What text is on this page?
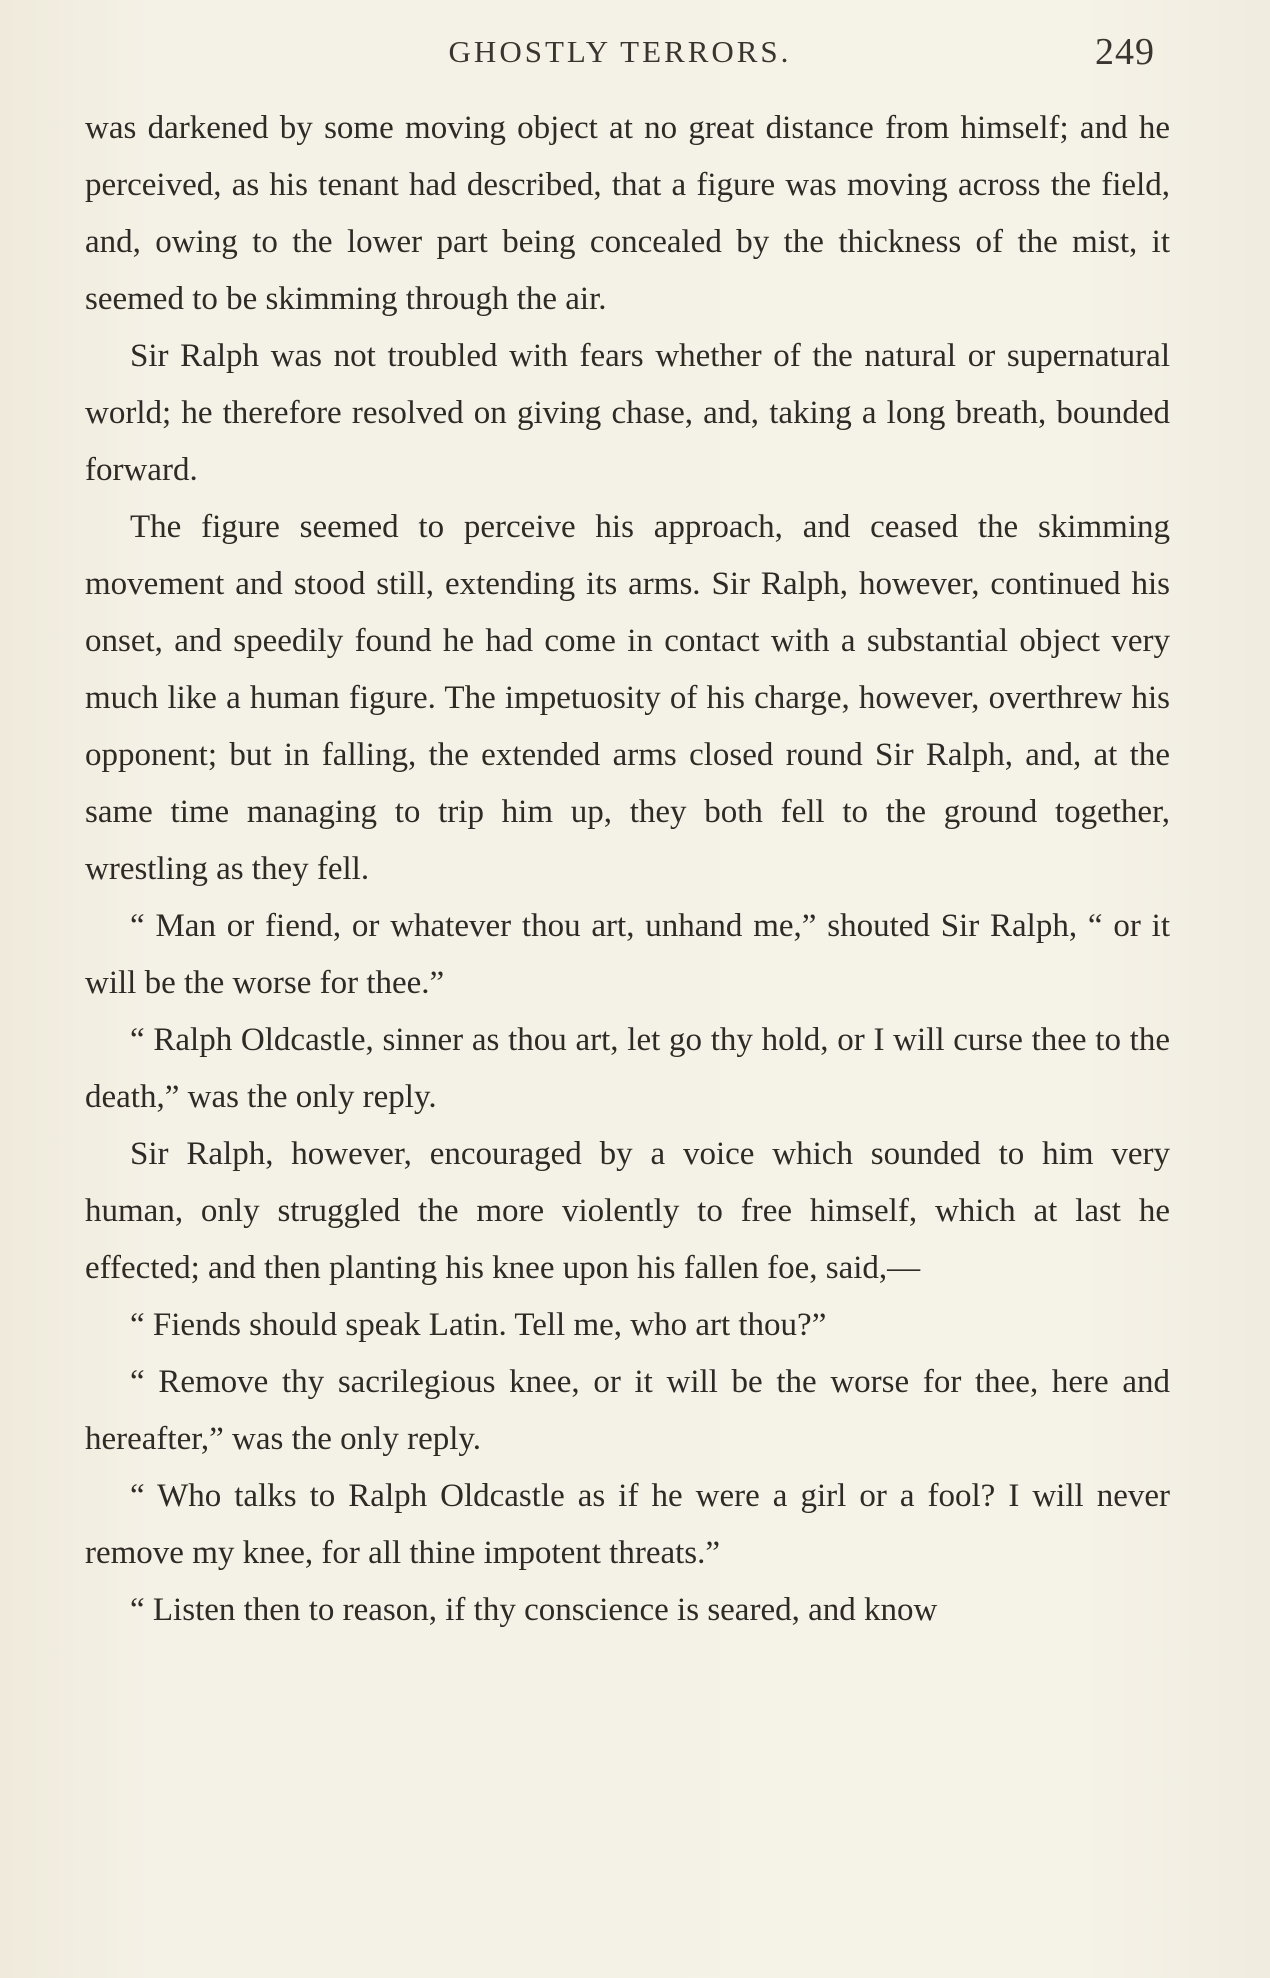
GHOSTLY TERRORS.	249

was darkened by some moving object at no great distance from himself; and he perceived, as his tenant had described, that a figure was moving across the field, and, owing to the lower part being concealed by the thickness of the mist, it seemed to be skimming through the air.

Sir Ralph was not troubled with fears whether of the natural or supernatural world; he therefore resolved on giving chase, and, taking a long breath, bounded forward.

The figure seemed to perceive his approach, and ceased the skimming movement and stood still, extending its arms. Sir Ralph, however, continued his onset, and speedily found he had come in contact with a substantial object very much like a human figure. The impetuosity of his charge, however, overthrew his opponent; but in falling, the extended arms closed round Sir Ralph, and, at the same time managing to trip him up, they both fell to the ground together, wrestling as they fell.

“ Man or fiend, or whatever thou art, unhand me,” shouted Sir Ralph, “ or it will be the worse for thee.”

“ Ralph Oldcastle, sinner as thou art, let go thy hold, or I will curse thee to the death,” was the only reply.

Sir Ralph, however, encouraged by a voice which sounded to him very human, only struggled the more violently to free himself, which at last he effected; and then planting his knee upon his fallen foe, said,—

“ Fiends should speak Latin. Tell me, who art thou?”

“ Remove thy sacrilegious knee, or it will be the worse for thee, here and hereafter,” was the only reply.

“ Who talks to Ralph Oldcastle as if he were a girl or a fool? I will never remove my knee, for all thine impotent threats.”

“ Listen then to reason, if thy conscience is seared, and know
